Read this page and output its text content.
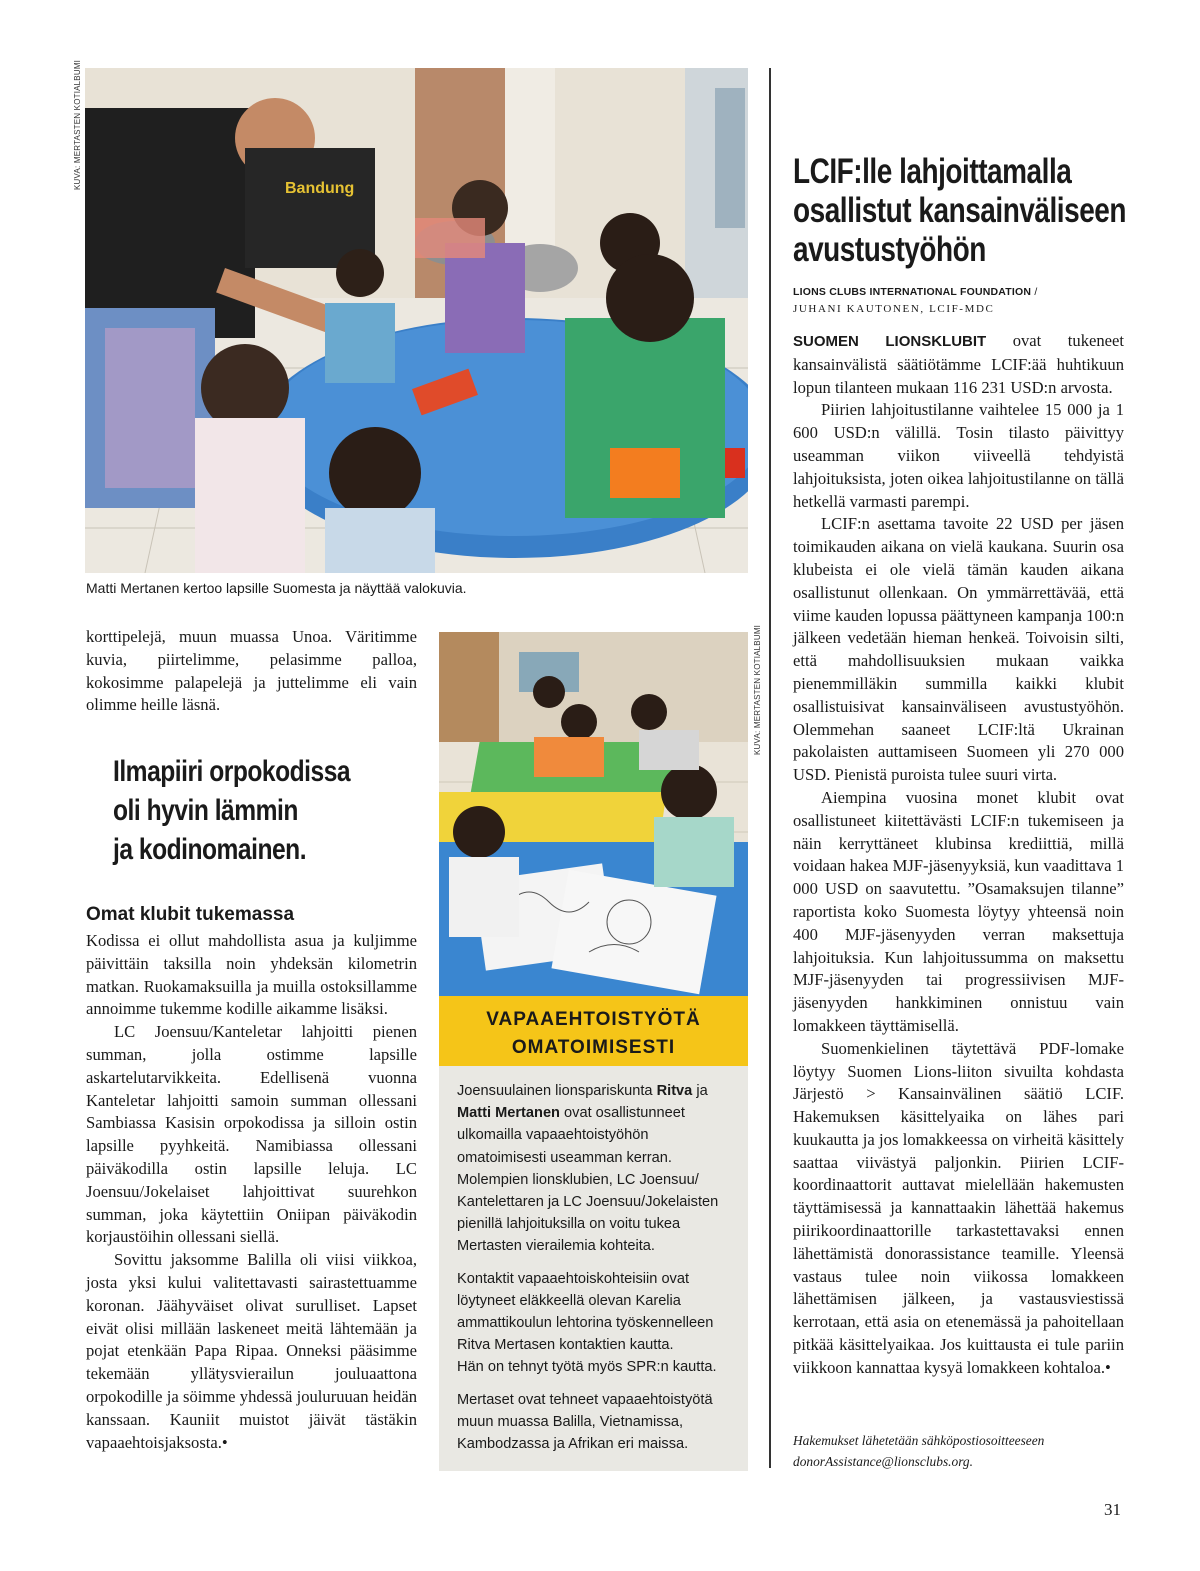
KUVA: MERTASTEN KOTIALBUMI	Bandung
Matti Mertanen kertoo lapsille Suomesta ja näyttää valokuvia.

korttipelejä, muun muassa Unoa. Väritimme kuvia, piirtelimme, pelasimme palloa, kokosimme palapelejä ja juttelimme eli vain olimme heille läsnä.

Ilmapiiri orpokodissa
oli hyvin lämmin
ja kodinomainen.
Omat klubit tukemassa

Kodissa ei ollut mahdollista asua ja kuljimme päivittäin taksilla noin yhdeksän kilometrin matkan. Ruokamaksuilla ja muilla ostoksillamme annoimme tukemme kodille aikamme lisäksi.

LC Joensuu/Kanteletar lahjoitti pienen summan, jolla ostimme lapsille askartelutarvikkeita. Edellisenä vuonna Kanteletar lahjoitti samoin summan ollessani Sambiassa Kasisin orpokodissa ja silloin ostin lapsille pyyhkeitä. Namibiassa ollessani päiväkodilla ostin lapsille leluja. LC Joensuu/Jokelaiset lahjoittivat suurehkon summan, joka käytettiin Oniipan päiväkodin korjaustöihin ollessani siellä.

Sovittu jaksomme Balilla oli viisi viikkoa, josta yksi kului valitettavasti sairastettuamme koronan. Jäähyväiset olivat surulliset. Lapset eivät olisi millään laskeneet meitä lähtemään ja pojat etenkään Papa Ripaa. Onneksi pääsimme tekemään yllätysvierailun jouluaattona orpokodille ja söimme yhdessä jouluruuan heidän kanssaan. Kauniit muistot jäivät tästäkin vapaaehtoisjaksosta.•

KUVA: MERTASTEN KOTIALBUMI
VAPAAEHTOISTYÖTÄ
OMATOIMISESTI

Joensuulainen lionspariskunta Ritva ja Matti Mertanen ovat osallistunneet ulkomailla vapaaehtoistyöhön omatoimisesti useamman kerran. Molempien lionsklubien, LC Joensuu/ Kantelettaren ja LC Joensuu/Jokelaisten pienillä lahjoituksilla on voitu tukea Mertasten vierailemia kohteita.

Kontaktit vapaaehtoiskohteisiin ovat löytyneet eläkkeellä olevan Karelia ammattikoulun lehtorina työskennelleen Ritva Mertasen kontaktien kautta.

Hän on tehnyt työtä myös SPR:n kautta.

Mertaset ovat tehneet vapaaehtoistyötä muun muassa Balilla, Vietnamissa, Kambodzassa ja Afrikan eri maissa.

LCIF:lle lahjoittamalla
osallistut kansainväliseen
avustustyöhön
LIONS CLUBS INTERNATIONAL FOUNDATION /
JUHANI KAUTONEN, LCIF-MDC

SUOMEN LIONSKLUBIT ovat tukeneet kansainvälistä säätiötämme LCIF:ää huhtikuun lopun tilanteen mukaan 116 231 USD:n arvosta.

Piirien lahjoitustilanne vaihtelee 15 000 ja 1 600 USD:n välillä. Tosin tilasto päivittyy useamman viikon viiveellä tehdyistä lahjoituksista, joten oikea lahjoitustilanne on tällä hetkellä varmasti parempi.

LCIF:n asettama tavoite 22 USD per jäsen toimikauden aikana on vielä kaukana. Suurin osa klubeista ei ole vielä tämän kauden aikana osallistunut ollenkaan. On ymmärrettävää, että viime kauden lopussa päättyneen kampanja 100:n jälkeen vedetään hieman henkeä. Toivoisin silti, että mahdollisuuksien mukaan vaikka pienemmilläkin summilla kaikki klubit osallistuisivat kansainväliseen avustustyöhön. Olemmehan saaneet LCIF:ltä Ukrainan pakolaisten auttamiseen Suomeen yli 270 000 USD. Pienistä puroista tulee suuri virta.

Aiempina vuosina monet klubit ovat osallistuneet kiitettävästi LCIF:n tukemiseen ja näin kerryttäneet klubinsa krediittiä, millä voidaan hakea MJF-jäsenyyksiä, kun vaadittava 1 000 USD on saavutettu. ”Osamaksujen tilanne” raportista koko Suomesta löytyy yhteensä noin 400 MJF-jäsenyyden verran maksettuja lahjoituksia. Kun lahjoitussumma on maksettu MJF-jäsenyyden tai progressiivisen MJF-jäsenyyden hankkiminen onnistuu vain lomakkeen täyttämisellä.

Suomenkielinen täytettävä PDF-lomake löytyy Suomen Lions-liiton sivuilta kohdasta Järjestö > Kansainvälinen säätiö LCIF. Hakemuksen käsittelyaika on lähes pari kuukautta ja jos lomakkeessa on virheitä käsittely saattaa viivästyä paljonkin. Piirien LCIF-koordinaattorit auttavat mielellään hakemusten täyttämisessä ja kannattaakin lähettää hakemus piirikoordinaattorille tarkastettavaksi ennen lähettämistä donorassistance teamille. Yleensä vastaus tulee noin viikossa lomakkeen lähettämisen jälkeen, ja vastausviestissä kerrotaan, että asia on etenemässä ja pahoitellaan pitkää käsittelyaikaa. Jos kuittausta ei tule pariin viikkoon kannattaa kysyä lomakkeen kohtaloa.•

Hakemukset lähetetään sähköpostiosoitteeseen
donorAssistance@lionsclubs.org.
31
